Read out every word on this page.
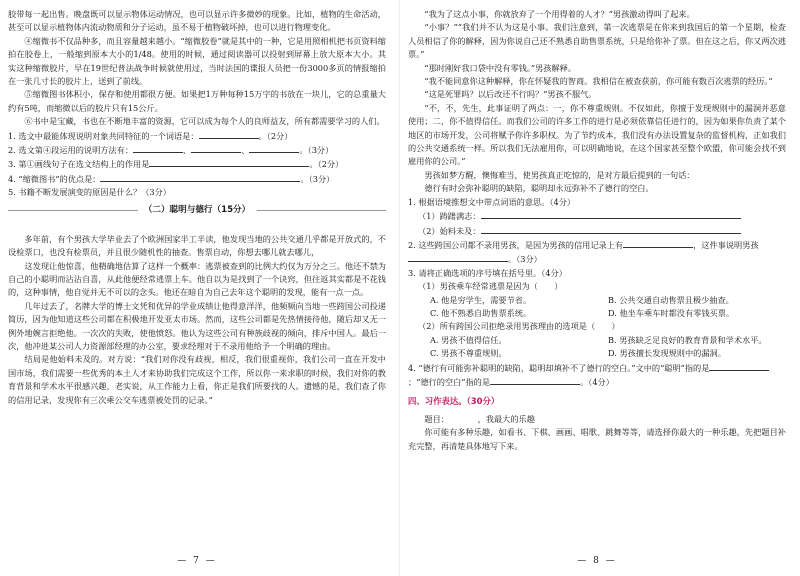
胶带每一起出售。晚盘既可以显示物体运动情况，也可以显示许多微妙的现象。比如，植物的生命活动，甚至可以显示植物体内流动物质和分子运动，虽不易于植物破坏掉，也可以进行物理变化。

④缩微书不仅品种多，而且容量越来越小。“缩微胶卷”就是其中的一种，它是用照相机把书页资料缩拍在胶卷上，一般缩到原本大小的1/48。使用的时候，通过阅读器可以投射到屏幕上放大原本大小。其实这种缩微胶片，早在19世纪普法战争时候就使用过，当时法国的谍报人员把一份3000多页的情报缩拍在一张几寸长的胶片上，送到了前线。

⑤缩微图书体积小，保存和使用都很方便。如果把1万种每种15万字的书放在一块儿，它的总重量大约有5吨，而缩微以后的胶片只有15公斤。

⑥书中是宝藏，书也在不断地丰富的资源，它可以成为每个人的良师益友，所有都需要学习的人们。

1. 选文中最能体现说明对象共同特征的一个词语是：	。（2分）

2. 选文第④段运用的说明方法有：	、	、	。（3分）

3. 第①画线句子在选文结构上的作用是	。（2分）

4. “缩微图书”的优点是：	。（3分）

5. 书籍不断发展演变的原因是什么？（3分）

（二）聪明与德行（15分）

多年前，有个男孩大学毕业去了个欧洲国家半工半读，他发现当地的公共交通几乎都是开放式的，不设检票口，也没有检票员，并且很少随机性的抽查。售票自动，你想去哪儿就去哪儿，

这发现让他惊喜，他精确地估算了这样一个概率：逃票被查到的比例大约仅为万分之三。他还不禁为自己的小聪明而沾沾自喜，从此他便经常逃票上车。他自以为是找到了一个诀窍，但往返其实都是不花钱的，这种事情，他自觉并无不可以的念头。他还在暗自为自己去年这个聪明的发现，能有一点一点。

几年过去了，名牌大学的博士文凭和优异的学业成绩让他得意洋洋，他频频向当地一些跨国公司投递简历，因为他知道这些公司都在积极地开发亚太市场。然而，这些公司都是先热情接待他，随后却又无一例外地婉言拒绝他。一次次的失败，使他愤怒。他认为这些公司有种族歧视的倾向，排斥中国人。最后一次，他冲进某公司人力资源部经理的办公室，要求经理对于不录用他给予一个明确的理由。

结局是他始料未及的。对方说：“我们对你没有歧视，相反，我们很重视你，我们公司一直在开发中国市场，我们需要一些优秀的本土人才来协助我们完成这个工作，所以你一来求职的时候，我们对你的教育背景和学术水平很感兴趣，老实说，从工作能力上看，你正是我们所要找的人。遗憾的是，我们查了你的信用记录，发现你有三次乘公交车逃票被处罚的记录。”

— 7 —

“我为了这点小事，你就放弃了一个用得着的人才？”男孩激动得叫了起来。

“小事？”“我们并不认为这是小事。我们注意到，第一次逃票是在你来到我国后的第一个星期，检查人员相信了你的解释，因为你说自己还不熟悉自助售票系统，只是给你补了票。但在这之后，你又两次逃票。”

“那时刚好我口袋中没有零钱。”男孩解释。

“我不能同意你这种解释，你在怀疑我的智商。我相信在被查获前，你可能有数百次逃票的经历。”

“这是死罪吗？以后改还不行吗？”男孩不服气。

“不，不，先生，此事证明了两点：一，你不尊重规则。不仅如此，你擅于发现规则中的漏洞并恶意使用；二，你不值得信任。而我们公司的许多工作的进行是必须依靠信任进行的，因为如果你负责了某个地区的市场开发，公司将赋予你许多职权。为了节约成本，我们没有办法设置复杂的监督机构，正如我们的公共交通系统一样。所以我们无法雇用你，可以明确地说，在这个国家甚至整个欧盟，你可能会找不到雇用你的公司。”

男孩如梦方醒，懊悔难当，使男孩真正吃惊的，是对方最后提到的一句话：

德行有时会弥补聪明的缺陷，聪明却永远弥补不了德行的空白。

1. 根据语境推想文中带点词语的意思。（4分）

（1）踌躇满志：

（2）始料未及：

2. 这些跨国公司都不录用男孩，是因为男孩的信用记录上有	，这件事说明男孩。（3分）

3. 请将正确选项的序号填在括号里。（4分）

（1）男孩乘车经常逃票是因为（　　）

A. 他是穷学生，需要节省。	B. 公共交通自动售票且极少抽查。
C. 他不熟悉自助售票系统。	D. 他坐车乘车时都没有零钱买票。

（2）所有跨国公司拒绝录用男孩理由的选项是（　　）

A. 男孩不值得信任。	B. 男孩缺乏足良好的教育背景和学术水平。
C. 男孩不尊重规则。	D. 男孩擅长发现规则中的漏洞。

4. “德行有可能弥补聪明的缺陷，聪明却填补不了德行的空白。”文中的“聪明”指的是；“德行的空白”指的是	。（4分）

四、习作表达。（30分）

题目：　　　　，我最大的乐趣

你可能有多种乐趣，如看书、下棋、画画、唱歌、跳舞等等，请选择你最大的一种乐趣，先把题目补充完整，再清楚具体地写下来。

— 8 —
